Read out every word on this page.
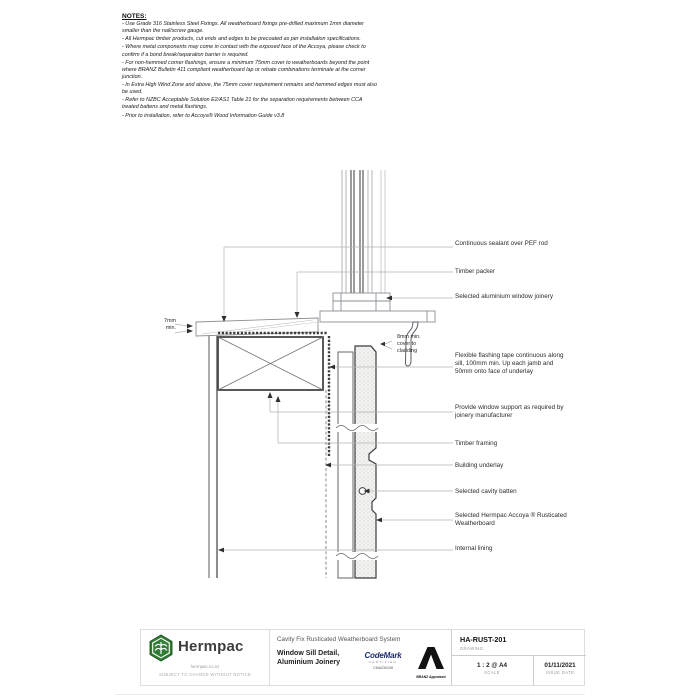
NOTES:
- Use Grade 316 Stainless Steel Fixings. All weatherboard fixings pre-drilled maximum 1mm diameter smaller than the nail/screw gauge.
- All Hermpac timber products, cut ends and edges to be precoated as per installation specifications.
- Where metal components may come in contact with the exposed face of the Accoya, please check to confirm if a bond break/separation barrier is required.
- For non-hemmed corner flashings, ensure a minimum 75mm cover to weatherboards beyond the point where BRANZ Bulletin 411 compliant weatherboard lap or rebate combinations terminate at the corner junction.
- In Extra High Wind Zone and above, the 75mm cover requirement remains and hemmed edges must also be used.
- Refer to NZBC Acceptable Solution E2/AS1 Table 21 for the separation requirements between CCA treated battens and metal flashings.
- Prior to installation, refer to Accoya® Wood Information Guide v3.8
7mm
min.
8mm min.
cover to
cladding
Continuous sealant over PEF rod
Timber packer
Selected aluminium window joinery
Flexible flashing tape continuous along sill, 100mm min. Up each jamb and 50mm onto face of underlay
Provide window support as required by joinery manufacturer
Timber framing
Building underlay
Selected cavity batten
Selected Hermpac Accoya ® Rusticated Weatherboard
Internal lining
Hermpac
hermpac.co.nz
SUBJECT TO CHANGE WITHOUT NOTICE
Cavity Fix Rusticated Weatherboard System
Window Sill Detail,
Aluminium Joinery
CodeMark
CERTIFIED
CMA230108
BRANZ Appraised
HA-RUST-201
DRAWING
1 : 2 @ A4
SCALE
01/11/2021
ISSUE DATE
